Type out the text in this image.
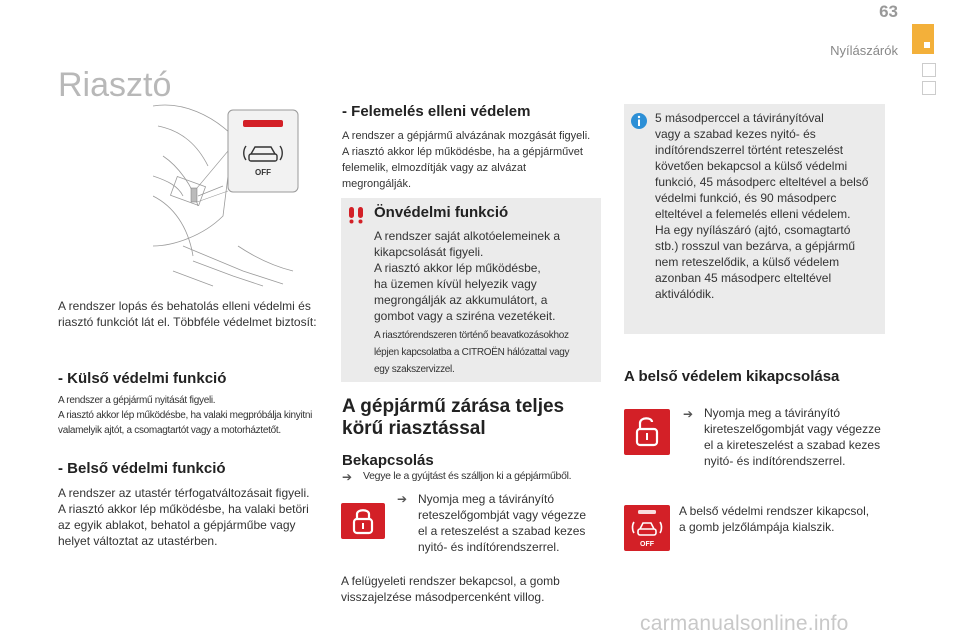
63
Nyílászárók
Riasztó
OFF
A rendszer lopás és behatolás elleni védelmi és riasztó funkciót lát el. Többféle védelmet biztosít:
- Külső védelmi funkció
A rendszer a gépjármű nyitását figyeli.
A riasztó akkor lép működésbe, ha valaki megpróbálja kinyitni
valamelyik ajtót, a csomagtartót vagy a motorháztetőt.
- Belső védelmi funkció
A rendszer az utastér térfogatváltozásait figyeli.
A riasztó akkor lép működésbe, ha valaki betöri
az egyik ablakot, behatol a gépjárműbe vagy
helyet változtat az utastérben.
- Felemelés elleni védelem
A rendszer a gépjármű alvázának mozgását figyeli.
A riasztó akkor lép működésbe, ha a gépjárművet
felemelik, elmozdítják vagy az alvázat
megrongálják.
Önvédelmi funkció
A rendszer saját alkotóelemeinek a
kikapcsolását figyeli.
A riasztó akkor lép működésbe,
ha üzemen kívül helyezik vagy
megrongálják az akkumulátort, a
gombot vagy a sziréna vezetékeit.
A riasztórendszeren történő beavatkozásokhoz
lépjen kapcsolatba a CITROËN hálózattal vagy
egy szakszervizzel.
A gépjármű zárása teljes
körű riasztással
Bekapcsolás
➔ Vegye le a gyújtást és szálljon ki a gépjárműből.
➔ Nyomja meg a távirányító
reteszelőgombját vagy végezze
el a reteszelést a szabad kezes
nyitó- és indítórendszerrel.
A felügyeleti rendszer bekapcsol, a gomb
visszajelzése másodpercenként villog.
5 másodperccel a távirányítóval
vagy a szabad kezes nyitó- és
indítórendszerrel történt reteszelést
követően bekapcsol a külső védelmi
funkció, 45 másodperc elteltével a belső
védelmi funkció, és 90 másodperc
elteltével a felemelés elleni védelem.
Ha egy nyílászáró (ajtó, csomagtartó
stb.) rosszul van bezárva, a gépjármű
nem reteszelődik, a külső védelem
azonban 45 másodperc elteltével
aktiválódik.
A belső védelem kikapcsolása
➔ Nyomja meg a távirányító
kireteszelőgombját vagy végezze
el a kireteszelést a szabad kezes
nyitó- és indítórendszerrel.
OFF
A belső védelmi rendszer kikapcsol,
a gomb jelzőlámpája kialszik.
carmanualsonline.info
